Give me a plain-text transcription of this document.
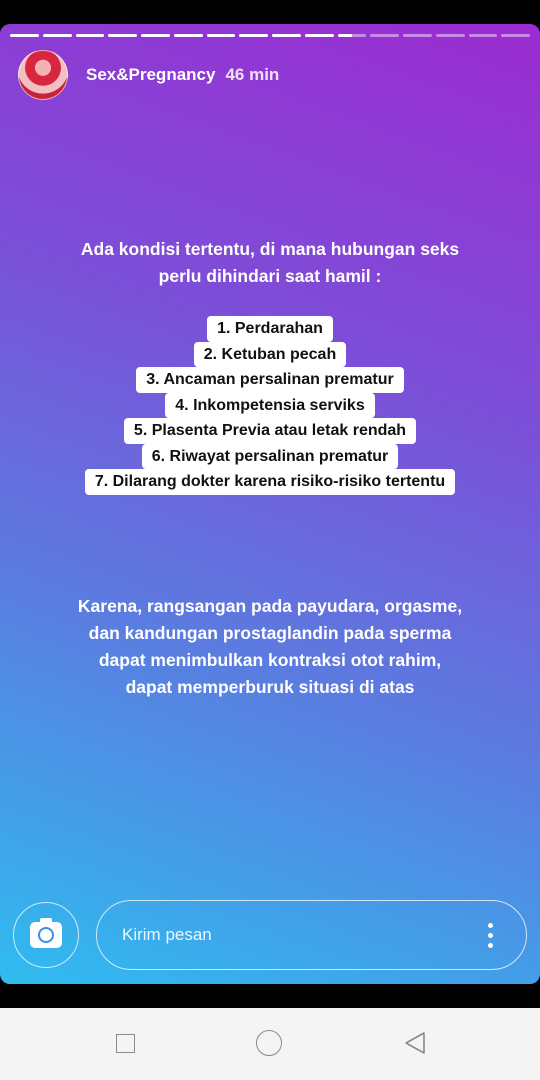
Sex&Pregnancy 46 min
Ada kondisi tertentu, di mana hubungan seks
perlu dihindari saat hamil :
1. Perdarahan
2. Ketuban pecah
3. Ancaman persalinan prematur
4. Inkompetensia serviks
5. Plasenta Previa atau letak rendah
6. Riwayat persalinan prematur
7. Dilarang dokter karena risiko-risiko tertentu
Karena, rangsangan pada payudara, orgasme,
dan kandungan prostaglandin pada sperma
dapat menimbulkan kontraksi otot rahim,
dapat memperburuk situasi di atas
Kirim pesan
